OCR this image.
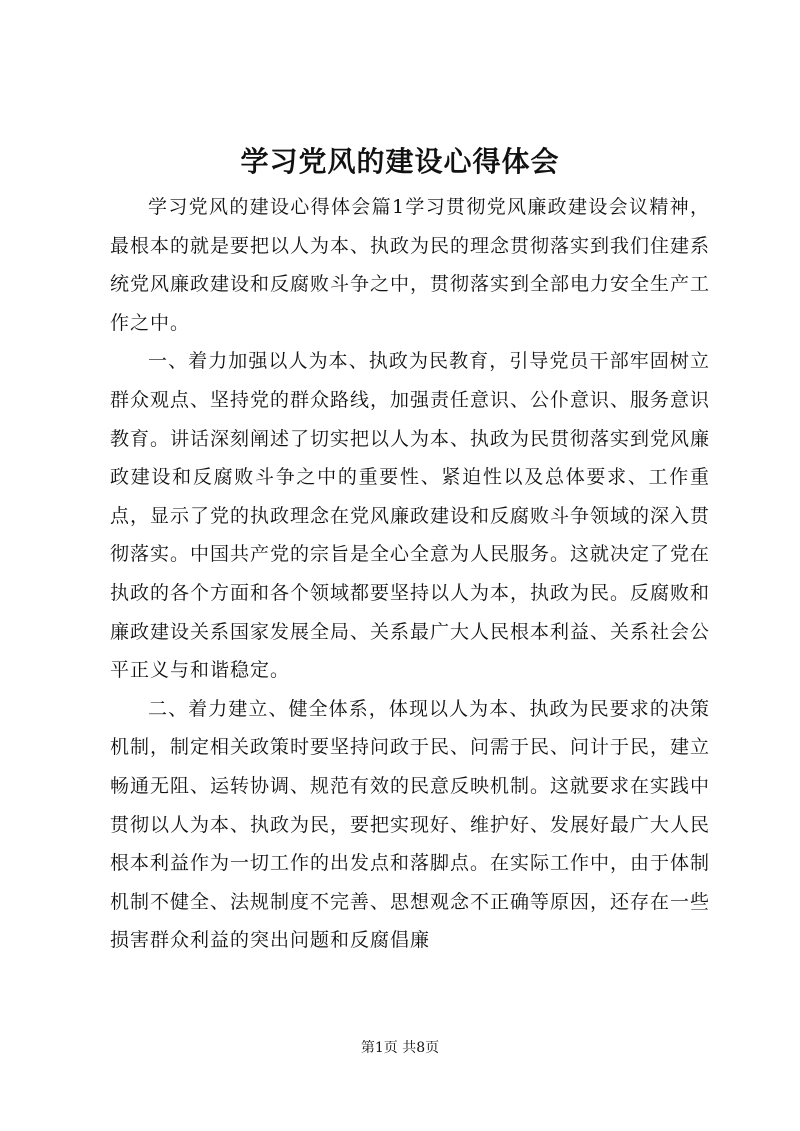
学习党风的建设心得体会

学习党风的建设心得体会篇1学习贯彻党风廉政建设会议精神，最根本的就是要把以人为本、执政为民的理念贯彻落实到我们住建系统党风廉政建设和反腐败斗争之中，贯彻落实到全部电力安全生产工作之中。

一、着力加强以人为本、执政为民教育，引导党员干部牢固树立群众观点、坚持党的群众路线，加强责任意识、公仆意识、服务意识教育。讲话深刻阐述了切实把以人为本、执政为民贯彻落实到党风廉政建设和反腐败斗争之中的重要性、紧迫性以及总体要求、工作重点，显示了党的执政理念在党风廉政建设和反腐败斗争领域的深入贯彻落实。中国共产党的宗旨是全心全意为人民服务。这就决定了党在执政的各个方面和各个领域都要坚持以人为本，执政为民。反腐败和廉政建设关系国家发展全局、关系最广大人民根本利益、关系社会公平正义与和谐稳定。

二、着力建立、健全体系，体现以人为本、执政为民要求的决策机制，制定相关政策时要坚持问政于民、问需于民、问计于民，建立畅通无阻、运转协调、规范有效的民意反映机制。这就要求在实践中贯彻以人为本、执政为民，要把实现好、维护好、发展好最广大人民根本利益作为一切工作的出发点和落脚点。在实际工作中，由于体制机制不健全、法规制度不完善、思想观念不正确等原因，还存在一些损害群众利益的突出问题和反腐倡廉

第1页 共8页
